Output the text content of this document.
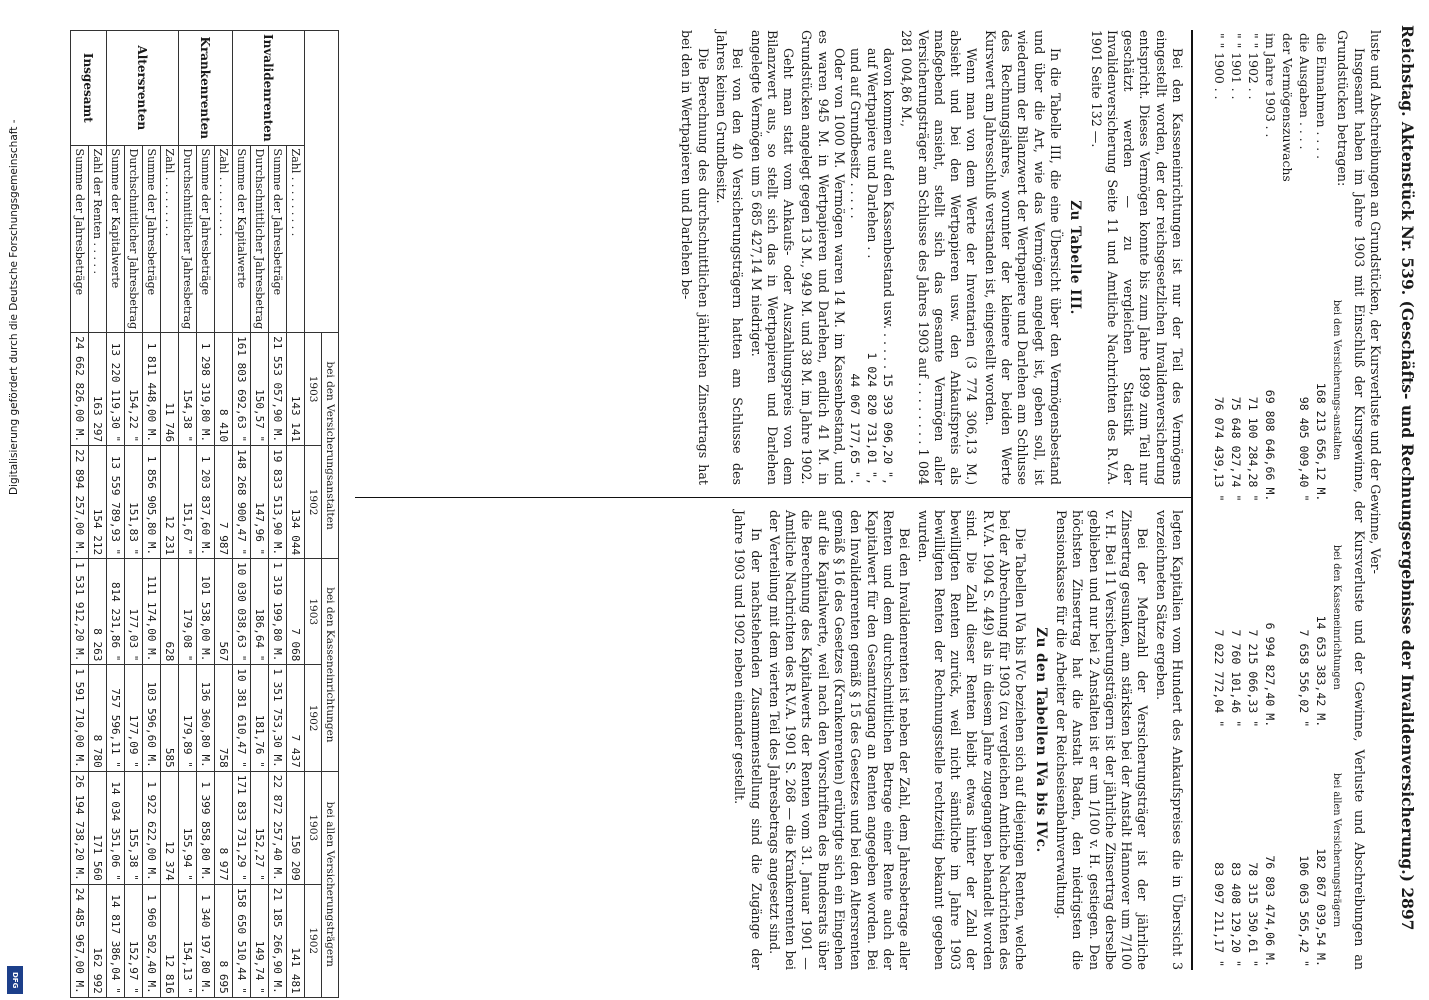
Reichstag. Aktenstück Nr. 539. (Geschäfts- und Rechnungsergebnisse der Invalidenversicherung.) 2897
luste und Abschreibungen an Grundstücken, der Kursverluste und der Gewinne, Ver-
Insgesamt haben im Jahre 1903 mit Einschluß der Kursgewinne, der Kursverluste und der Gewinne, Verluste und Abschreibungen an Grundstücken betragen:
	bei den Versicherungs-anstalten	bei den Kasseneinrichtungen	bei allen Versicherungsträgern
die Einnahmen . . . .	168 213 656,12 M.	14 653 383,42 M.	182 867 039,54 M.
die Ausgaben . . . .	98 405 009,40 "	7 658 556,02 "	106 063 565,42 "
der Vermögenszuwachs			
im Jahre 1903 . .	69 808 646,66 M.	6 994 827,40 M.	76 803 474,06 M.
" " 1902 . .	71 100 284,28 "	7 215 066,33 "	78 315 350,61 "
" " 1901 . .	75 648 027,74 "	7 760 101,46 "	83 408 129,20 "
" " 1900 . .	76 074 439,13 "	7 022 772,04 "	83 097 211,17 "

Bei den Kasseneinrichtungen ist nur der Teil des Vermögens eingestellt worden, der der reichsgesetzlichen Invalidenversicherung entspricht. Dieses Vermögen konnte bis zum Jahre 1899 zum Teil nur geschätzt werden — zu vergleichen Statistik der Invalidenversicherung Seite 11 und Amtliche Nachrichten des R.V.A. 1901 Seite 132 —.

Zu Tabelle III.

In die Tabelle III, die eine Übersicht über den Vermögensbestand und über die Art, wie das Vermögen angelegt ist, geben soll, ist wiederum der Bilanzwert der Wertpapiere und Darlehen am Schlusse des Rechnungsjahres, worunter der kleinere der beiden Werte Kurswert am Jahresschluß verstanden ist, eingestellt worden.

Wenn man von dem Werte der Inventarien (3 774 306,13 M.) absieht und bei den Wertpapieren usw. den Ankaufspreis als maßgebend ansieht, stellt sich das gesamte Vermögen aller Versicherungsträger am Schlusse des Jahres 1903 auf . . . . . . . . 1 084 281 004,86 M.,

davon kommen auf den Kassenbestand usw. . . . . .
15 393 096,20 ",
auf Wertpapiere und Darlehen . .
1 024 820 731,01 ",
und auf Grundbesitz . . . . .
44 067 177,65 ".

Oder von 1000 M. Vermögen waren 14 M. im Kassenbestand, und es waren 945 M. in Wertpapieren und Darlehen, endlich 41 M. in Grundstücken angelegt gegen 13 M., 949 M. und 38 M. im Jahre 1902.

Geht man statt vom Ankaufs- oder Auszahlungspreis von dem Bilanzwert aus, so stellt sich das in Wertpapieren und Darlehen angelegte Vermögen um 5 685 427,14 M niedriger.

Bei von den 40 Versicherungsträgern hatten am Schlusse des Jahres keinen Grundbesitz.

Die Berechnung des durchschnittlichen jährlichen Zinsertrags hat bei den in Wertpapieren und Darlehen be-

legten Kapitalien vom Hundert des Ankaufspreises die in Übersicht 3 verzeichneten Sätze ergeben.

Bei der Mehrzahl der Versicherungsträger ist der jährliche Zinsertrag gesunken, am stärksten bei der Anstalt Hannover um 7/100 v. H. Bei 11 Versicherungsträgern ist der jährliche Zinsertrag derselbe geblieben und nur bei 2 Anstalten ist er um 1/100 v. H. gestiegen. Den höchsten Zinsertrag hat die Anstalt Baden, den niedrigsten die Pensionskasse für die Arbeiter der Reichseisenbahnverwaltung.

Zu den Tabellen IVa bis IVc.

Die Tabellen IVa bis IVc beziehen sich auf diejenigen Renten, welche bei der Abrechnung für 1903 (zu vergleichen Amtliche Nachrichten des R.V.A. 1904 S. 449) als in diesem Jahre zugegangen behandelt worden sind. Die Zahl dieser Renten bleibt etwas hinter der Zahl der bewilligten Renten zurück, weil nicht sämtliche im Jahre 1903 bewilligten Renten der Rechnungsstelle rechtzeitig bekannt gegeben wurden.

Bei den Invalidenrenten ist neben der Zahl, dem Jahresbetrage aller Renten und dem durchschnittlichen Betrage einer Rente auch der Kapitalwert für den Gesamtzugang an Renten angegeben worden. Bei den Invalidenrenten gemäß § 15 des Gesetzes und bei den Altersrenten gemäß § 16 des Gesetzes (Krankenrenten) erübrigte sich ein Eingehen auf die Kapitalwerte, weil nach den Vorschriften des Bundesrats über die Berechnung des Kapitalwerts der Renten vom 31. Januar 1901 — Amtliche Nachrichten des R.V.A. 1901 S. 268 — die Krankenrenten bei der Verteilung mit dem vierten Teil des Jahresbetrags angesetzt sind.

In der nachstehenden Zusammenstellung sind die Zugänge der Jahre 1903 und 1902 neben einander gestellt.

		bei den Versicherungsanstalten		bei den Kasseneinrichtungen		bei allen Versicherungsträgern	
		1903	1902	1903	1902	1903	1902
Invalidenrenten	Zahl . . . . . . . . .	143 141	134 044	7 068	7 437	150 209	141 481
	Summe der Jahresbeträge	21 553 057,90 M.	19 833 513,90 M.	1 319 199,80 M.	1 351 753,30 M.	22 872 257,40 M.	21 185 266,90 M.
	Durchschnittlicher Jahresbetrag	150,57 "	147,96 "	186,64 "	181,76 "	152,27 "	149,74 "
	Summe der Kapitalwerte	161 803 692,63 "	148 268 900,47 "	10 030 038,63 "	10 381 610,47 "	171 833 731,29 "	158 650 510,44 "
Krankenrenten	Zahl . . . . . . . . .	8 410	7 987	567	758	8 977	8 695
	Summe der Jahresbeträge	1 298 319,80 M.	1 203 837,60 M.	101 538,00 M.	136 360,80 M.	1 399 858,80 M.	1 340 197,80 M.
	Durchschnittlicher Jahresbetrag	154,38 "	151,67 "	179,08 "	179,89 "	155,94 "	154,13 "
Altersrenten	Zahl . . . . . . . . .	11 746	12 231	628	585	12 374	12 816
	Summe der Jahresbeträge	1 811 448,00 M.	1 856 905,80 M.	111 174,00 M.	103 596,60 M.	1 922 622,00 M.	1 960 502,40 M.
	Durchschnittlicher Jahresbetrag	154,22 "	151,83 "	177,03 "	177,09 "	155,38 "	152,97 "
	Summe der Kapitalwerte	13 220 119,30 "	13 559 789,93 "	814 231,86 "	757 596,11 "	14 034 351,06 "	14 817 386,04 "
Insgesamt	Zahl der Renten . . . . .	163 297	154 212	8 263	8 780	171 560	162 992
	Summe der Jahresbeträge	24 662 826,00 M.	22 894 257,00 M.	1 531 912,20 M.	1 591 710,00 M.	26 194 738,20 M.	24 485 967,00 M.
Digitalisierung gefördert durch die Deutsche Forschungsgemeinschaft -
DFG
